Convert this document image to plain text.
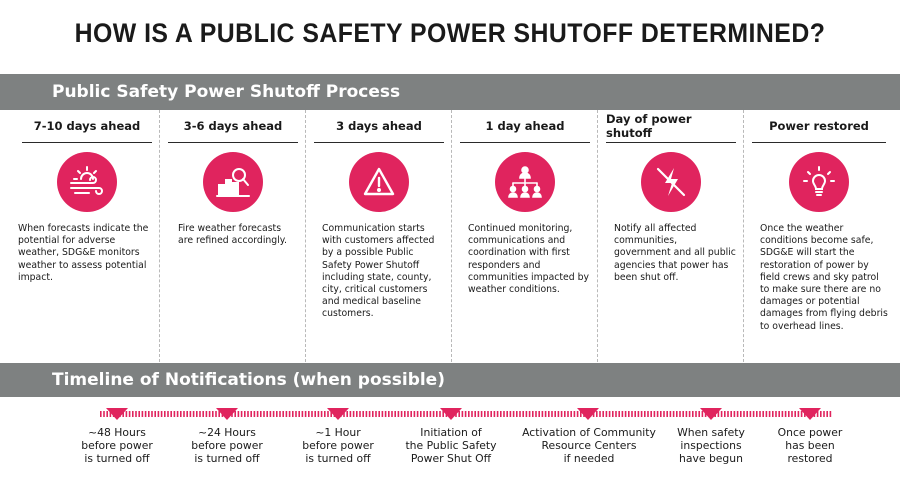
HOW IS A PUBLIC SAFETY POWER SHUTOFF DETERMINED?
Public Safety Power Shutoff Process
7-10 days ahead
When forecasts indicate the potential for adverse weather, SDG&E monitors weather to assess potential impact.
3-6 days ahead
Fire weather forecasts are refined accordingly.
3 days ahead
Communication starts with customers affected by a possible Public Safety Power Shutoff including state, county, city, critical customers and medical baseline customers.
1 day ahead
Continued monitoring, communications and coordination with first responders and communities impacted by weather conditions.
Day of power shutoff
Notify all affected communities, government and all public agencies that power has been shut off.
Power restored
Once the weather conditions become safe, SDG&E will start the restoration of power by field crews and sky patrol to make sure there are no damages or potential damages from flying debris to overhead lines.
Timeline of Notifications (when possible)
~48 Hours
before power
is turned off
~24 Hours
before power
is turned off
~1 Hour
before power
is turned off
Initiation of
the Public Safety
Power Shut Off
Activation of Community
Resource Centers
if needed
When safety
inspections
have begun
Once power
has been
restored
